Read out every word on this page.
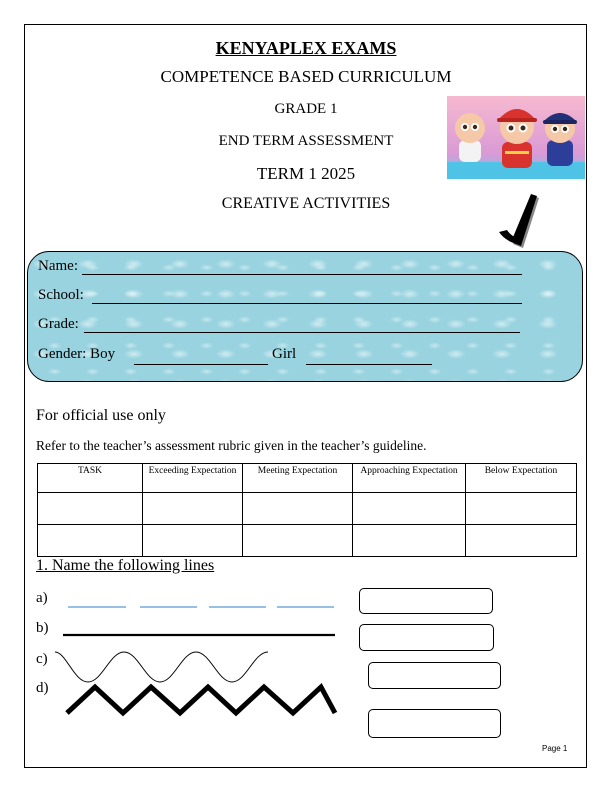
KENYAPLEX EXAMS
COMPETENCE BASED CURRICULUM
GRADE 1
END TERM ASSESSMENT
TERM 1 2025
CREATIVE ACTIVITIES
Name:
School:
Grade:
Gender: Boy	Girl
For official use only
Refer to the teacher’s assessment rubric given in the teacher’s guideline.
TASK	Exceeding Expectation	Meeting Expectation	Approaching Expectation	Below Expectation

1. Name the following lines
a)
b)
c)
d)
Page 1
